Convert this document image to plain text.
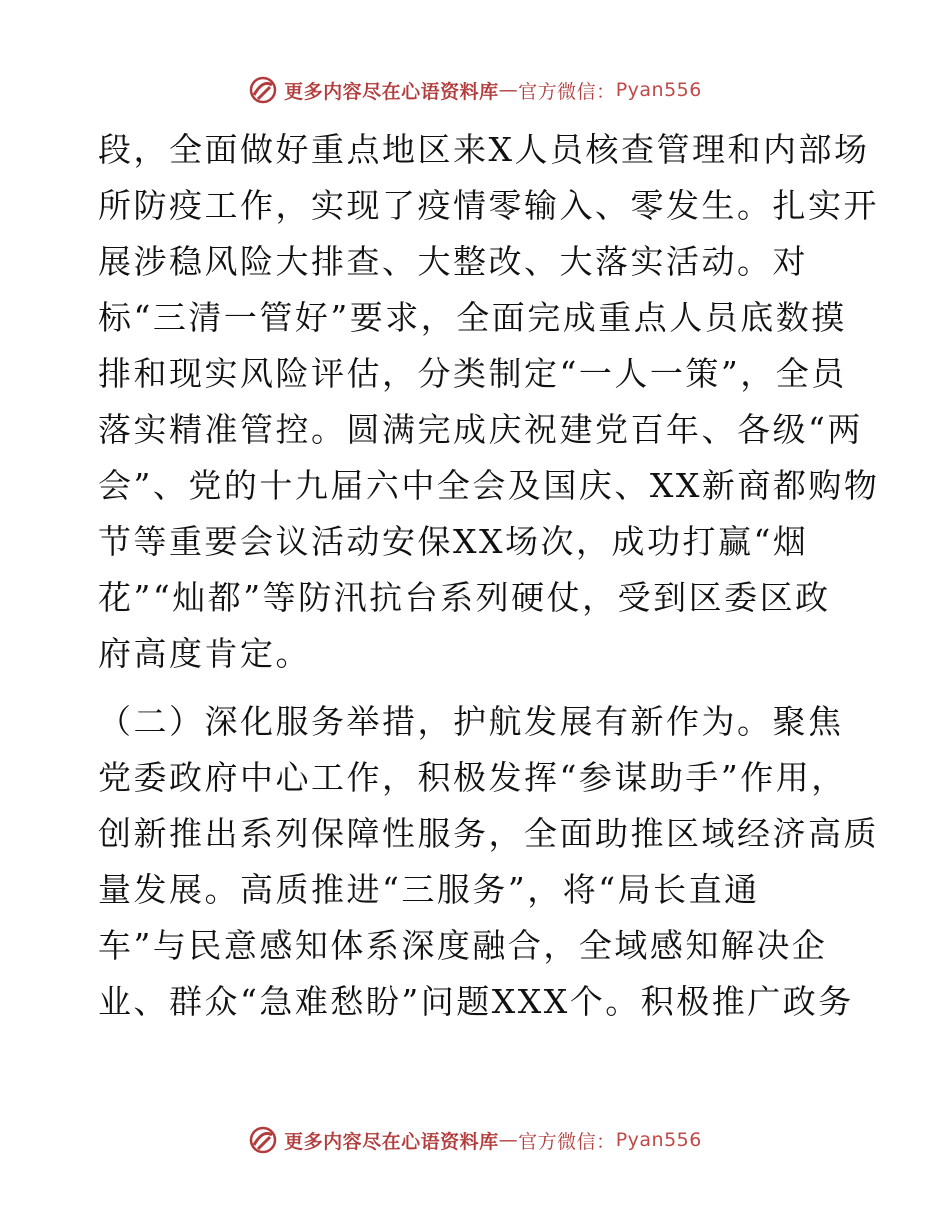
更多内容尽在心语资料库 — 官方微信： Pyan556
段，全面做好重点地区来X人员核查管理和内部场
所防疫工作，实现了疫情零输入、零发生。扎实开
展涉稳风险大排查、大整改、大落实活动。对
标“三清一管好”要求，全面完成重点人员底数摸
排和现实风险评估，分类制定“一人一策”，全员
落实精准管控。圆满完成庆祝建党百年、各级“两
会”、党的十九届六中全会及国庆、XX新商都购物
节等重要会议活动安保XX场次，成功打赢“烟
花”“灿都”等防汛抗台系列硬仗，受到区委区政
府高度肯定。
（二）深化服务举措，护航发展有新作为。聚焦
党委政府中心工作，积极发挥“参谋助手”作用，
创新推出系列保障性服务，全面助推区域经济高质
量发展。高质推进“三服务”，将“局长直通
车”与民意感知体系深度融合，全域感知解决企
业、群众“急难愁盼”问题XXX个。积极推广政务
更多内容尽在心语资料库 — 官方微信： Pyan556
